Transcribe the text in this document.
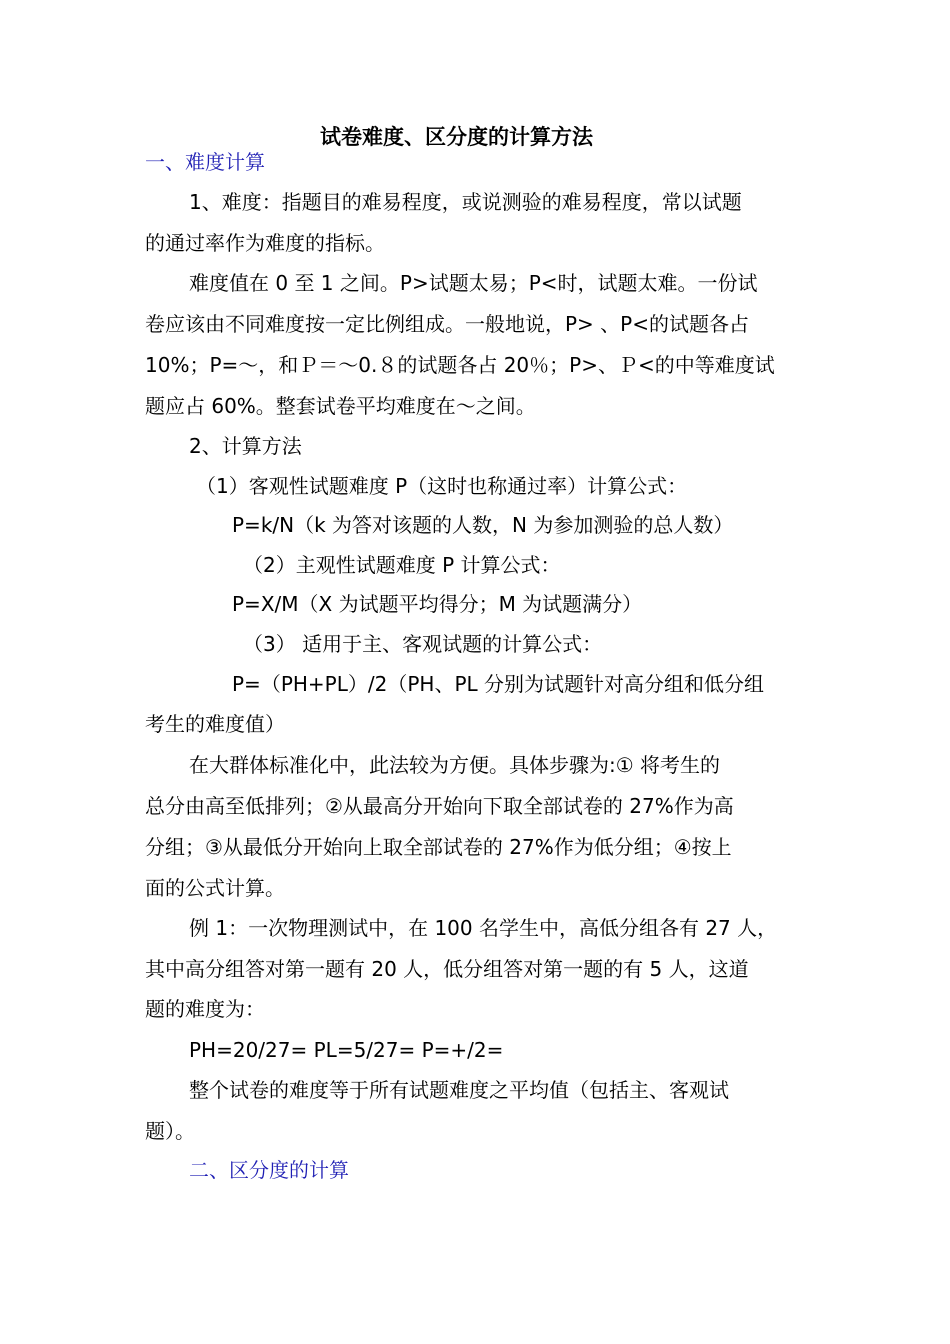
试卷难度、区分度的计算方法
一、难度计算
1、难度：指题目的难易程度，或说测验的难易程度，常以试题
的通过率作为难度的指标。
难度值在 0 至 1 之间。P>试题太易；P<时，试题太难。一份试
卷应该由不同难度按一定比例组成。一般地说，P> 、P<的试题各占
10%；P=～，和Ｐ＝～0.８的试题各占 20％；P>、Ｐ<的中等难度试
题应占 60%。整套试卷平均难度在～之间。
2、计算方法
（1）客观性试题难度 P（这时也称通过率）计算公式：
P=k/N（k 为答对该题的人数，N 为参加测验的总人数）
（2）主观性试题难度 P 计算公式：
P=X/M（X 为试题平均得分；M 为试题满分）
（3） 适用于主、客观试题的计算公式：
P=（PH+PL）/2（PH、PL 分别为试题针对高分组和低分组
考生的难度值）
在大群体标准化中，此法较为方便。具体步骤为:① 将考生的
总分由高至低排列；②从最高分开始向下取全部试卷的 27%作为高
分组；③从最低分开始向上取全部试卷的 27%作为低分组；④按上
面的公式计算。
例 1：一次物理测试中，在 100 名学生中，高低分组各有 27 人，
其中高分组答对第一题有 20 人，低分组答对第一题的有 5 人，这道
题的难度为：
PH=20/27= PL=5/27= P=+/2=
整个试卷的难度等于所有试题难度之平均值（包括主、客观试
题）。
二、区分度的计算
